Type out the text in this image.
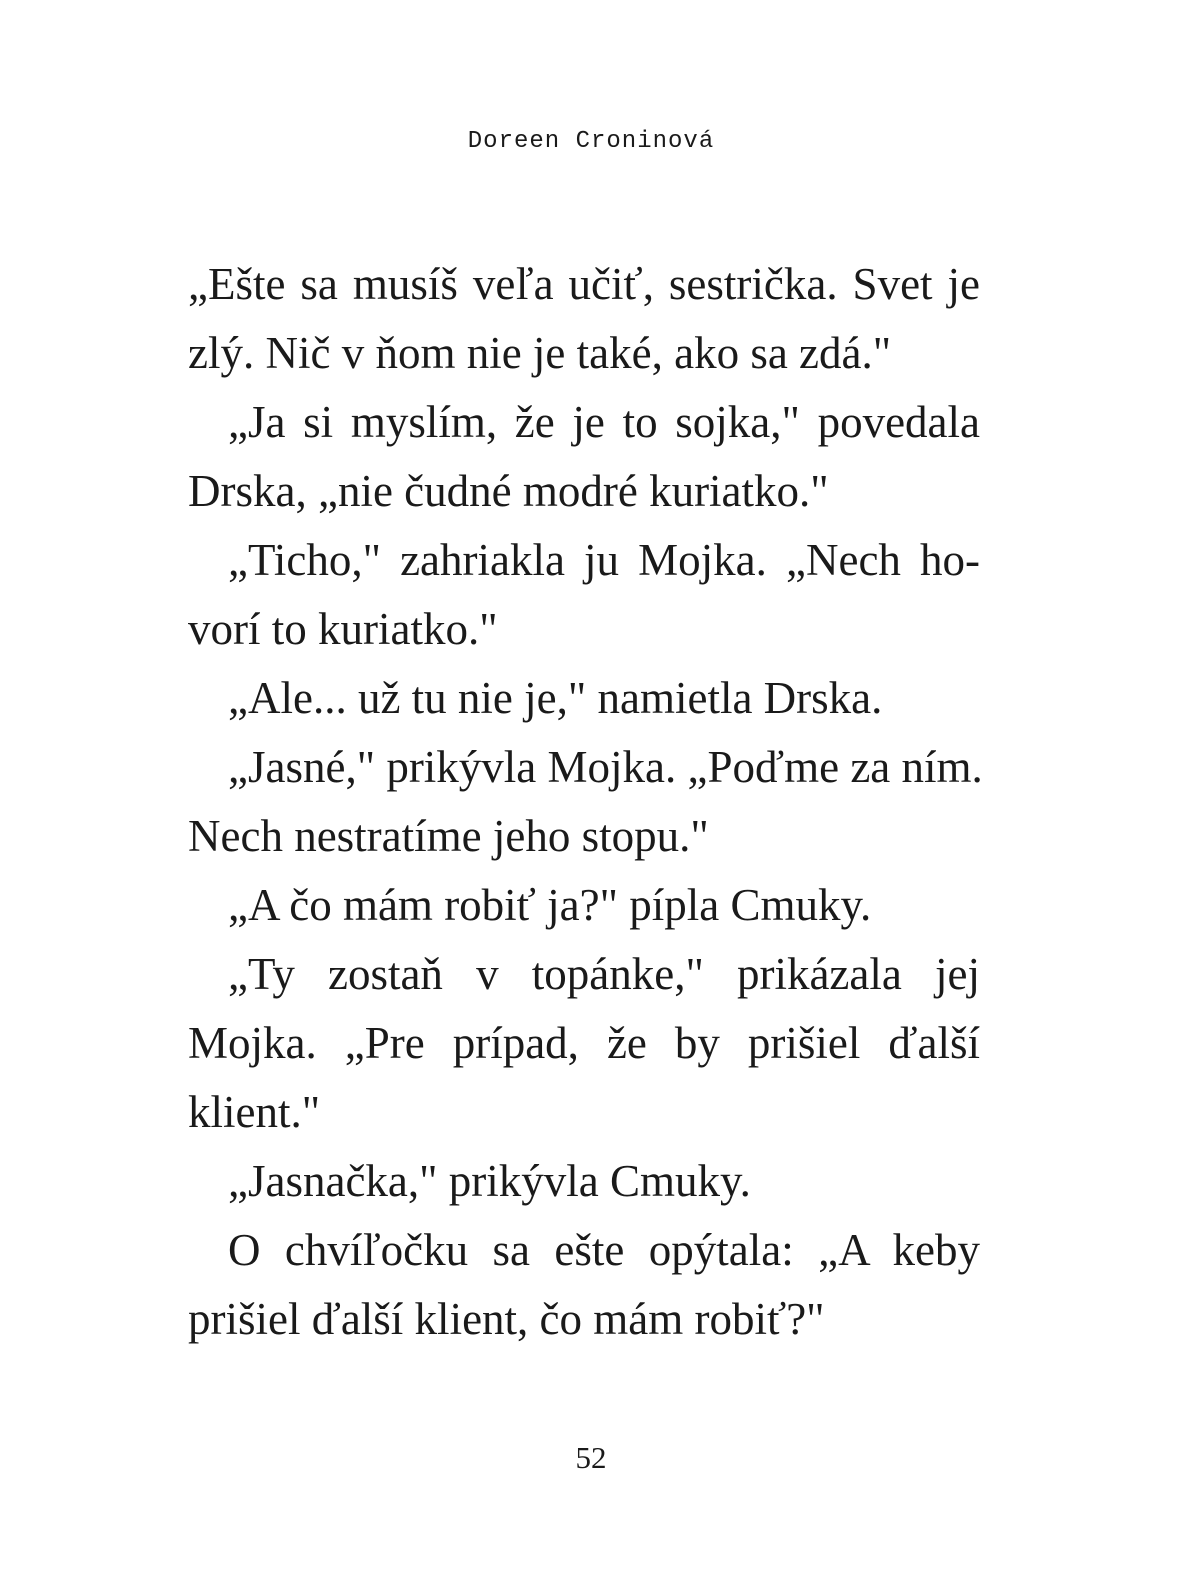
Doreen Croninová
„Ešte sa musíš veľa učiť, sestrička. Svet je
zlý. Nič v ňom nie je také, ako sa zdá."
„Ja si myslím, že je to sojka," povedala
Drska, „nie čudné modré kuriatko."
„Ticho," zahriakla ju Mojka. „Nech ho-
vorí to kuriatko."
„Ale... už tu nie je," namietla Drska.
„Jasné," prikývla Mojka. „Poďme za ním.
Nech nestratíme jeho stopu."
„A čo mám robiť ja?" pípla Cmuky.
„Ty zostaň v topánke," prikázala jej
Mojka. „Pre prípad, že by prišiel ďalší
klient."
„Jasnačka," prikývla Cmuky.
O chvíľočku sa ešte opýtala: „A keby
prišiel ďalší klient, čo mám robiť?"
52
